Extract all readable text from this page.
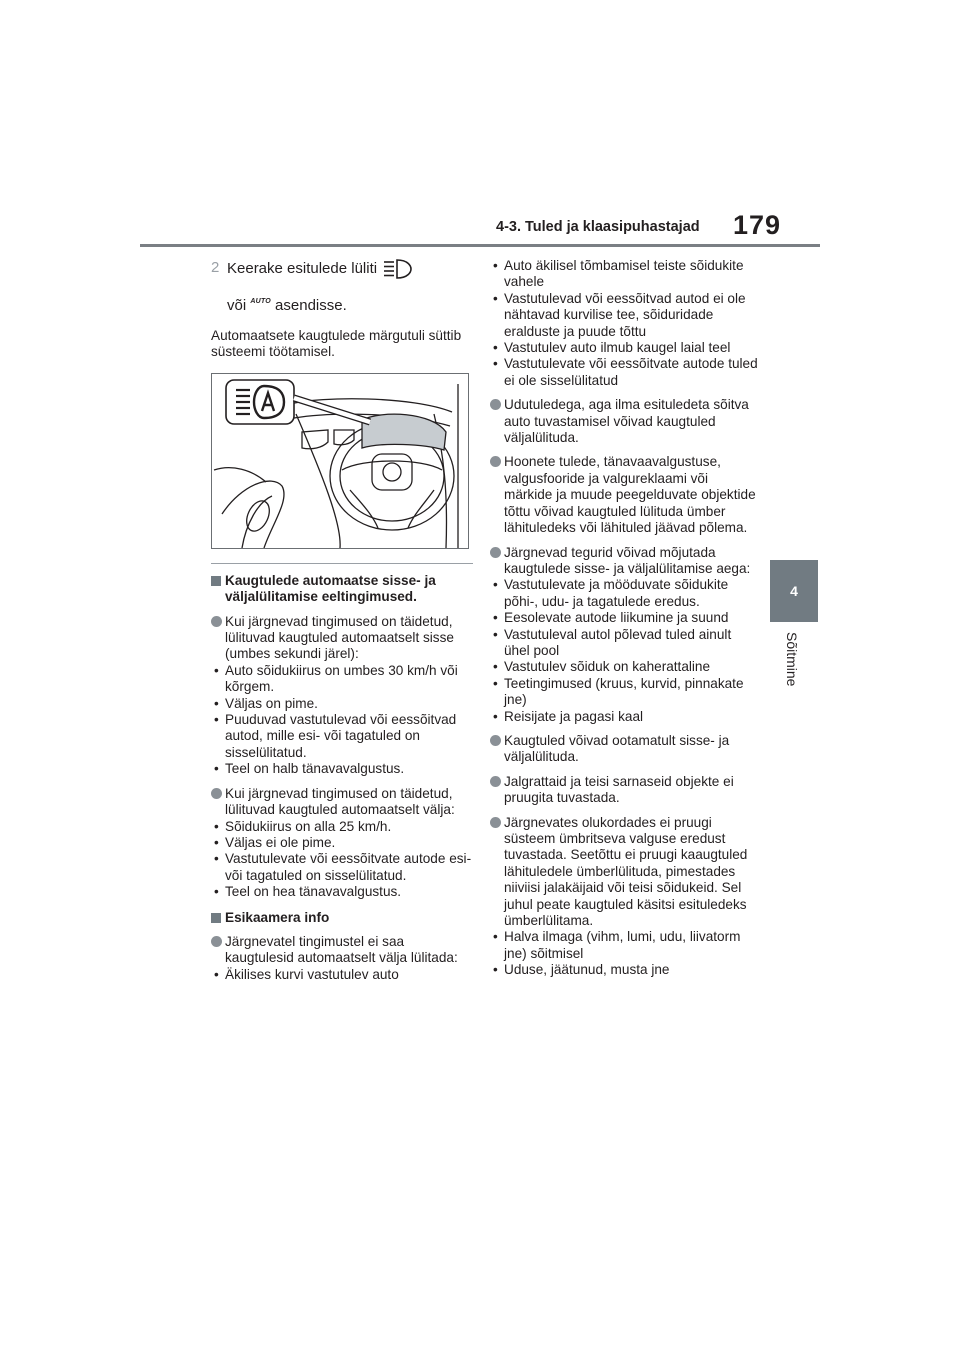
4-3. Tuled ja klaasipuhastajad 179
4
Sõitmine
2 Keerake esitulede lüliti
või $^{AUTO}$ asendisse.

Automaatsete kaugtulede märgutuli süttib süsteemi töötamisel.

Kaugtulede automaatse sisse- ja väljalülitamise eeltingimused.

Kui järgnevad tingimused on täidetud, lülituvad kaugtuled automaatselt sisse (umbes sekundi järel):

• Auto sõidukiirus on umbes 30 km/h või kõrgem.

• Väljas on pime.

• Puuduvad vastutulevad või eessõitvad autod, mille esi- või tagatuled on sisselülitatud.

• Teel on halb tänavavalgustus.

Kui järgnevad tingimused on täidetud, lülituvad kaugtuled automaatselt välja:

• Sõidukiirus on alla 25 km/h.

• Väljas ei ole pime.

• Vastutulevate või eessõitvate autode esi- või tagatuled on sisselülitatud.

• Teel on hea tänavavalgustus.

Esikaamera info

Järgnevatel tingimustel ei saa kaugtulesid automaatselt välja lülitada:

• Äkilises kurvi vastutulev auto

• Auto äkilisel tõmbamisel teiste sõidukite vahele

• Vastutulevad või eessõitvad autod ei ole nähtavad kurvilise tee, sõiduridade eralduste ja puude tõttu

• Vastutulev auto ilmub kaugel laial teel

• Vastutulevate või eessõitvate autode tuled ei ole sisselülitatud

Udutuledega, aga ilma esituledeta sõitva auto tuvastamisel võivad kaugtuled väljalülituda.

Hoonete tulede, tänavaavalgustuse, valgusfooride ja valgureklaami või märkide ja muude peegelduvate objektide tõttu võivad kaugtuled lülituda ümber lähituledeks või lähituled jäävad põlema.

Järgnevad tegurid võivad mõjutada kaugtulede sisse- ja väljalülitamise aega:

• Vastutulevate ja mööduvate sõidukite põhi-, udu- ja tagatulede eredus.

• Eesolevate autode liikumine ja suund

• Vastutuleval autol põlevad tuled ainult ühel pool

• Vastutulev sõiduk on kaherattaline

• Teetingimused (kruus, kurvid, pinnakate jne)

• Reisijate ja pagasi kaal

Kaugtuled võivad ootamatult sisse- ja väljalülituda.

Jalgrattaid ja teisi sarnaseid objekte ei pruugita tuvastada.

Järgnevates olukordades ei pruugi süsteem ümbritseva valguse eredust tuvastada. Seetõttu ei pruugi kaaugtuled lähituledele ümberlülituda, pimestades niiviisi jalakäijaid või teisi sõidukeid. Sel juhul peate kaugtuled käsitsi esituledeks ümberlülitama.

• Halva ilmaga (vihm, lumi, udu, liivatorm jne) sõitmisel

• Uduse, jäätunud, musta jne
